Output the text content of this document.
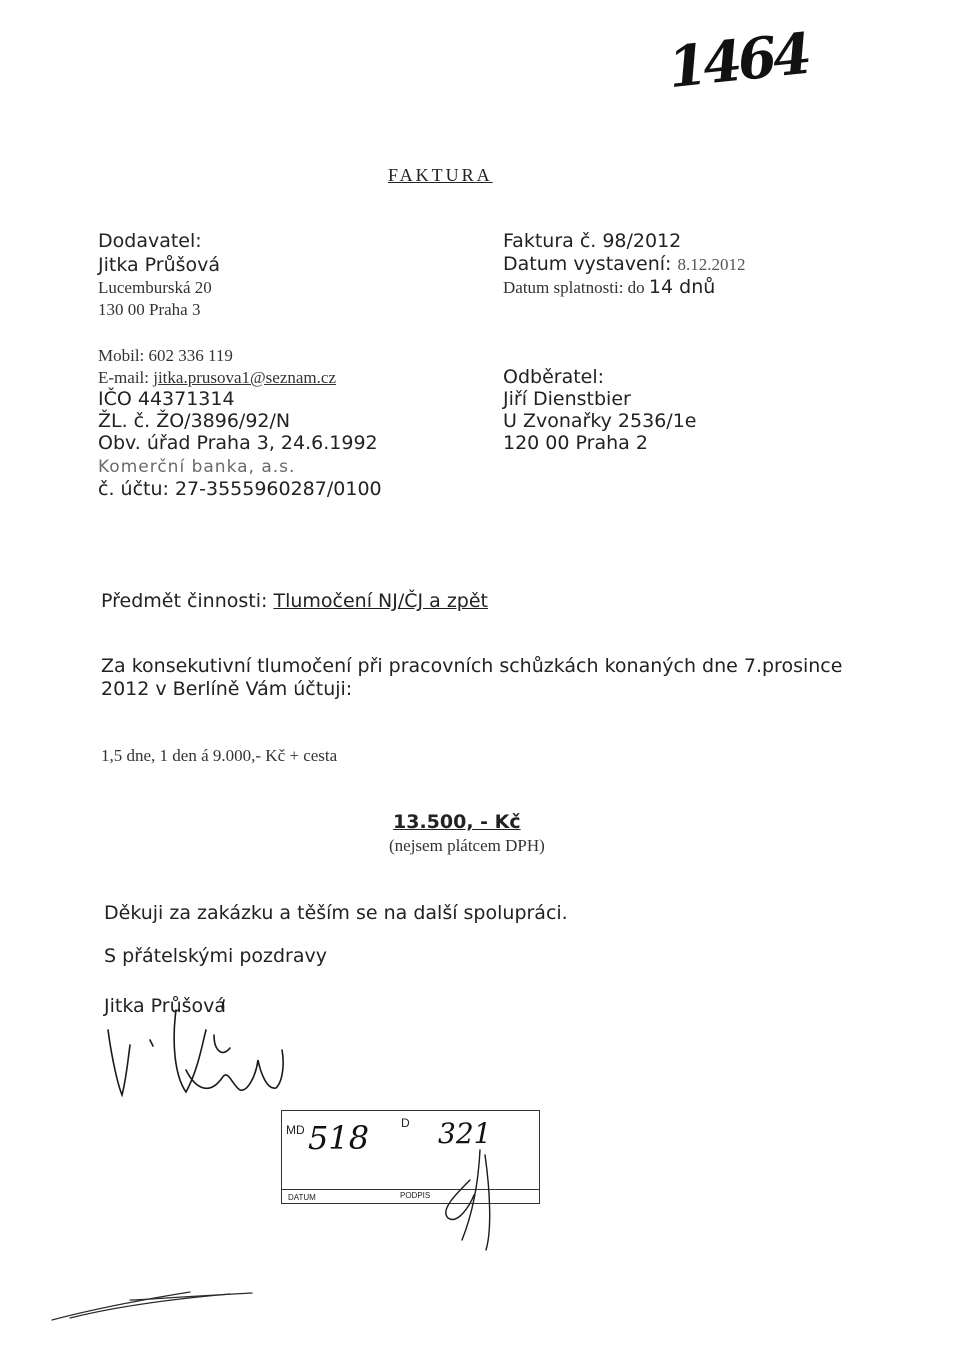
1464
FAKTURA
Dodavatel:
Jitka Průšová
Lucemburská 20
130 00 Praha 3
Mobil: 602 336 119
E-mail: jitka.prusova1@seznam.cz
IČO 44371314
ŽL. č. ŽO/3896/92/N
Obv. úřad Praha 3, 24.6.1992
Komerční banka, a.s.
č. účtu: 27-3555960287/0100
Faktura č. 98/2012
Datum vystavení: 8.12.2012
Datum splatnosti: do 14 dnů
Odběratel:
Jiří Dienstbier
U Zvonařky 2536/1e
120 00 Praha 2
Předmět činnosti: Tlumočení NJ/ČJ a zpět
Za konsekutivní tlumočení při pracovních schůzkách konaných dne 7.prosince
2012 v Berlíně Vám účtuji:
1,5 dne, 1 den á 9.000,- Kč + cesta
13.500, - Kč
(nejsem plátcem DPH)
Děkuji za zakázku a těším se na další spolupráci.
S přátelskými pozdravy
Jitka Průšová
MD 518	D 321
DATUM	PODPIS
